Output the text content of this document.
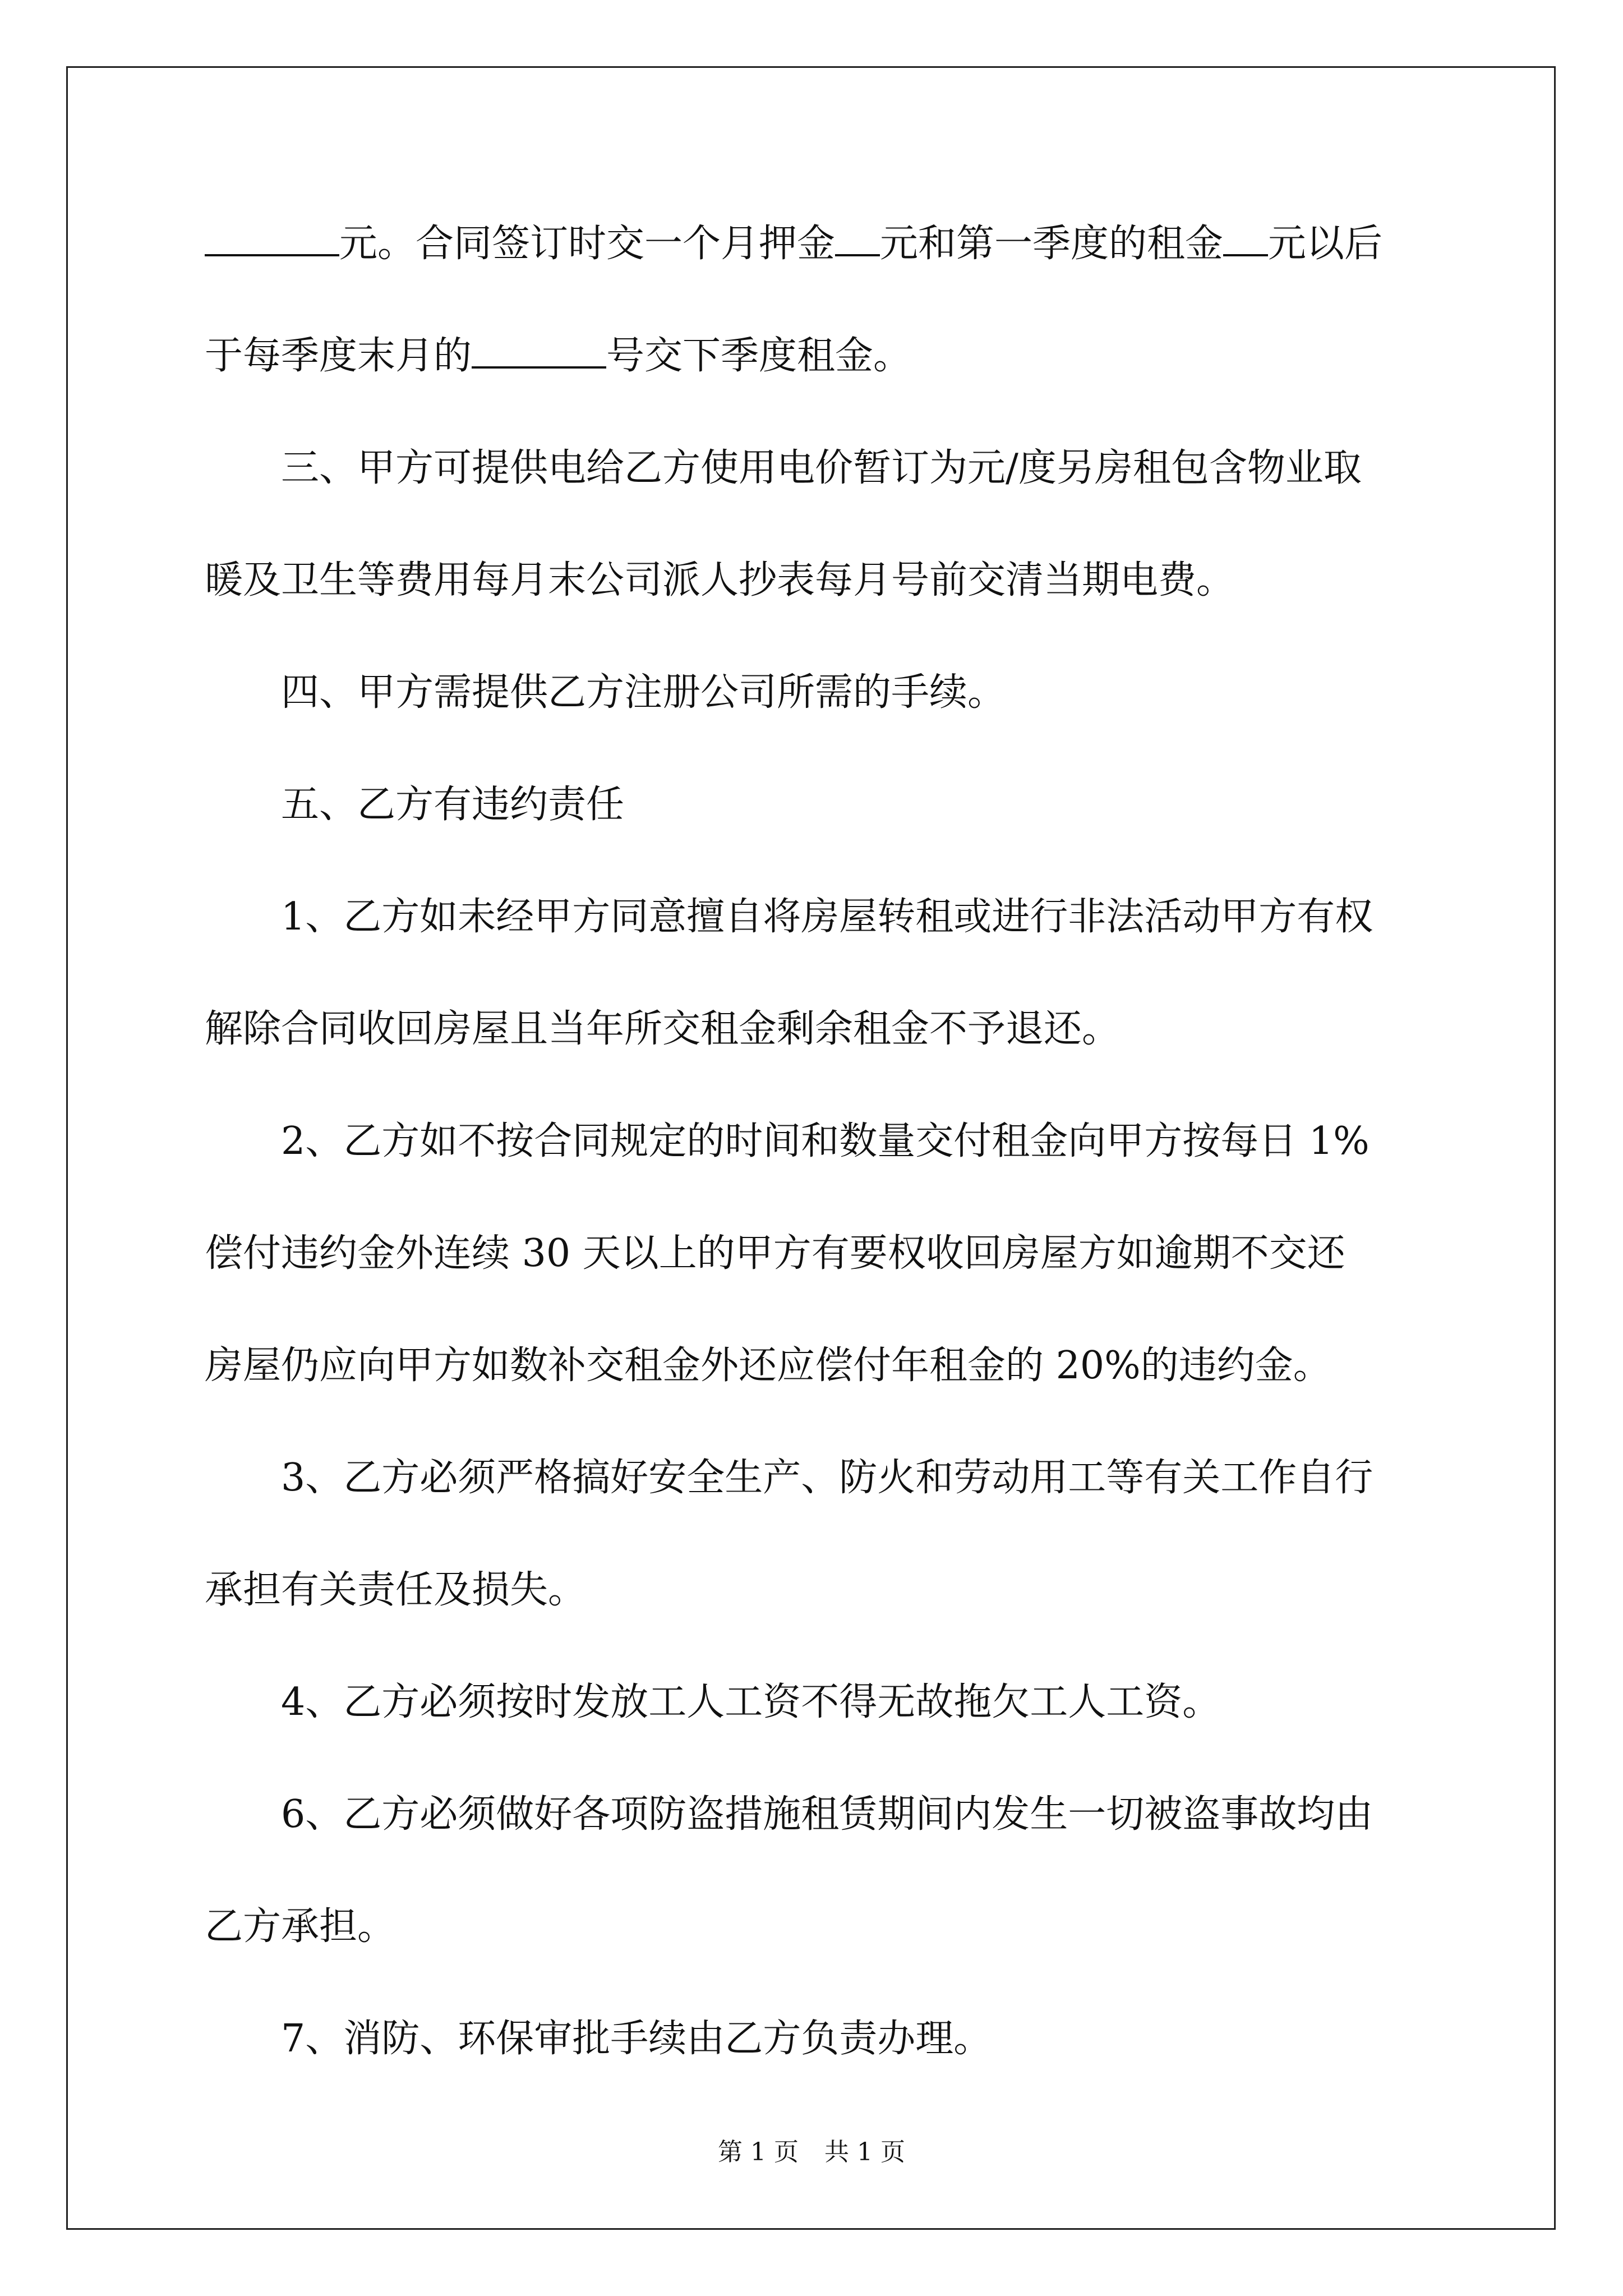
元。合同签订时交一个月押金 元和第一季度的租金 元以后
于每季度末月的	号交下季度租金。
三、甲方可提供电给乙方使用电价暂订为元/度另房租包含物业取
暖及卫生等费用每月末公司派人抄表每月号前交清当期电费。
四、甲方需提供乙方注册公司所需的手续。
五、乙方有违约责任
1、乙方如未经甲方同意擅自将房屋转租或进行非法活动甲方有权
解除合同收回房屋且当年所交租金剩余租金不予退还。
2、乙方如不按合同规定的时间和数量交付租金向甲方按每日 1%
偿付违约金外连续 30 天以上的甲方有要权收回房屋方如逾期不交还
房屋仍应向甲方如数补交租金外还应偿付年租金的 20%的违约金。
3、乙方必须严格搞好安全生产、防火和劳动用工等有关工作自行
承担有关责任及损失。
4、乙方必须按时发放工人工资不得无故拖欠工人工资。
6、乙方必须做好各项防盗措施租赁期间内发生一切被盗事故均由
乙方承担。
7、消防、环保审批手续由乙方负责办理。
第 1 页 共 1 页
